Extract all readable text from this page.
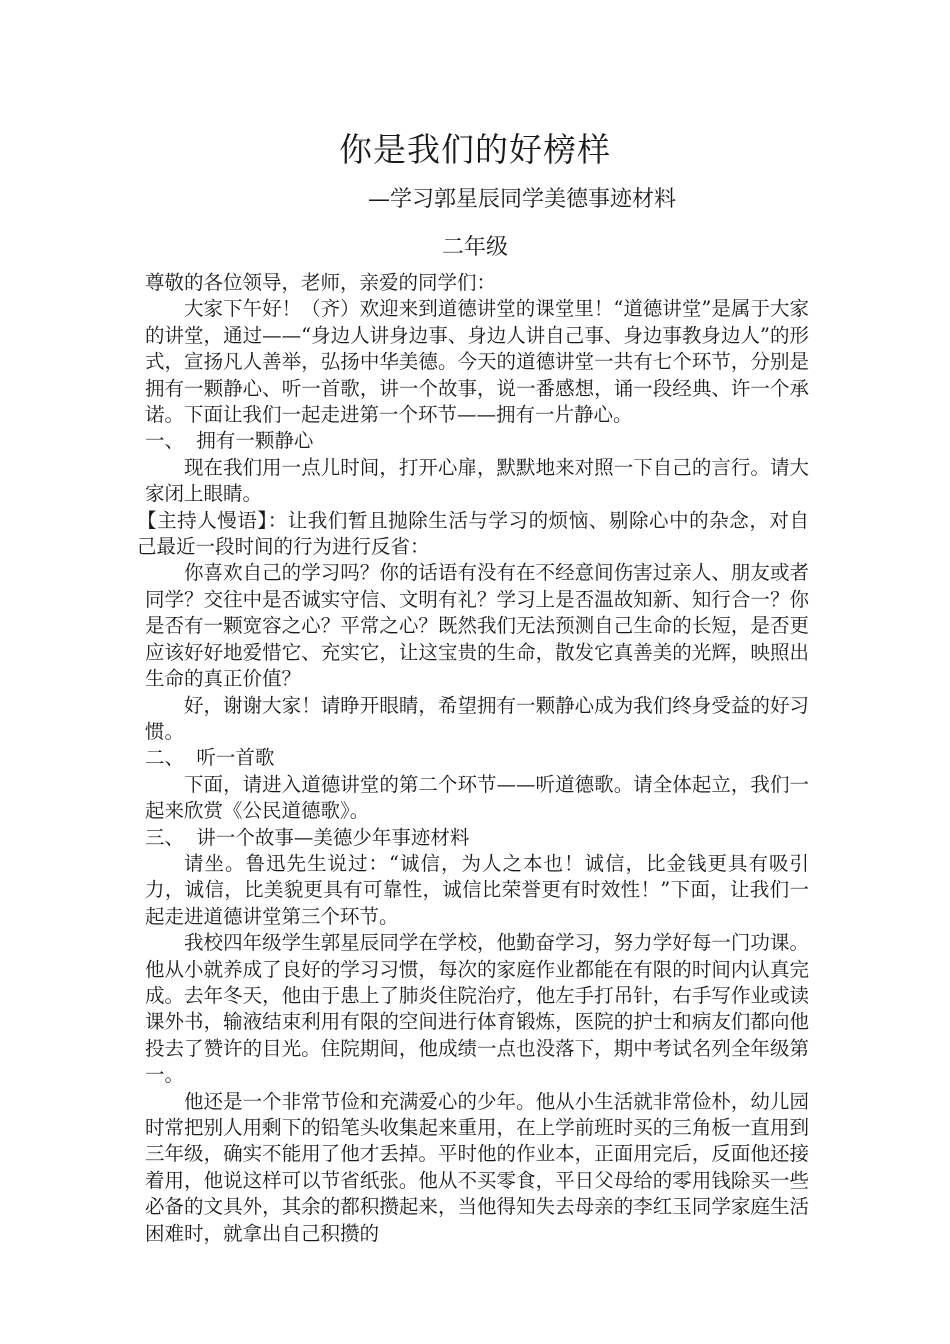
你是我们的好榜样
—学习郭星辰同学美德事迹材料
二年级

尊敬的各位领导，老师，亲爱的同学们：

大家下午好！（齐）欢迎来到道德讲堂的课堂里！“道德讲堂”是属于大家的讲堂，通过——“身边人讲身边事、身边人讲自己事、身边事教身边人”的形式，宣扬凡人善举，弘扬中华美德。今天的道德讲堂一共有七个环节，分别是拥有一颗静心、听一首歌，讲一个故事，说一番感想，诵一段经典、许一个承诺。下面让我们一起走进第一个环节——拥有一片静心。

一、  拥有一颗静心

现在我们用一点儿时间，打开心扉，默默地来对照一下自己的言行。请大家闭上眼睛。

【主持人慢语】：让我们暂且抛除生活与学习的烦恼、剔除心中的杂念，对自己最近一段时间的行为进行反省：

你喜欢自己的学习吗？你的话语有没有在不经意间伤害过亲人、朋友或者同学？交往中是否诚实守信、文明有礼？学习上是否温故知新、知行合一？你是否有一颗宽容之心？平常之心？既然我们无法预测自己生命的长短，是否更应该好好地爱惜它、充实它，让这宝贵的生命，散发它真善美的光辉，映照出生命的真正价值？

好，谢谢大家！请睁开眼睛，希望拥有一颗静心成为我们终身受益的好习惯。

二、  听一首歌

下面，请进入道德讲堂的第二个环节——听道德歌。请全体起立，我们一起来欣赏《公民道德歌》。

三、  讲一个故事—美德少年事迹材料

请坐。鲁迅先生说过：“诚信，为人之本也！诚信，比金钱更具有吸引力，诚信，比美貌更具有可靠性，诚信比荣誉更有时效性！”下面，让我们一起走进道德讲堂第三个环节。

我校四年级学生郭星辰同学在学校，他勤奋学习，努力学好每一门功课。他从小就养成了良好的学习习惯，每次的家庭作业都能在有限的时间内认真完成。去年冬天，他由于患上了肺炎住院治疗，他左手打吊针，右手写作业或读课外书，输液结束利用有限的空间进行体育锻炼，医院的护士和病友们都向他投去了赞许的目光。住院期间，他成绩一点也没落下，期中考试名列全年级第一。

他还是一个非常节俭和充满爱心的少年。他从小生活就非常俭朴，幼儿园时常把别人用剩下的铅笔头收集起来重用，在上学前班时买的三角板一直用到三年级，确实不能用了他才丢掉。平时他的作业本，正面用完后，反面他还接着用，他说这样可以节省纸张。他从不买零食，平日父母给的零用钱除买一些必备的文具外，其余的都积攒起来，当他得知失去母亲的李红玉同学家庭生活困难时，就拿出自己积攒的
